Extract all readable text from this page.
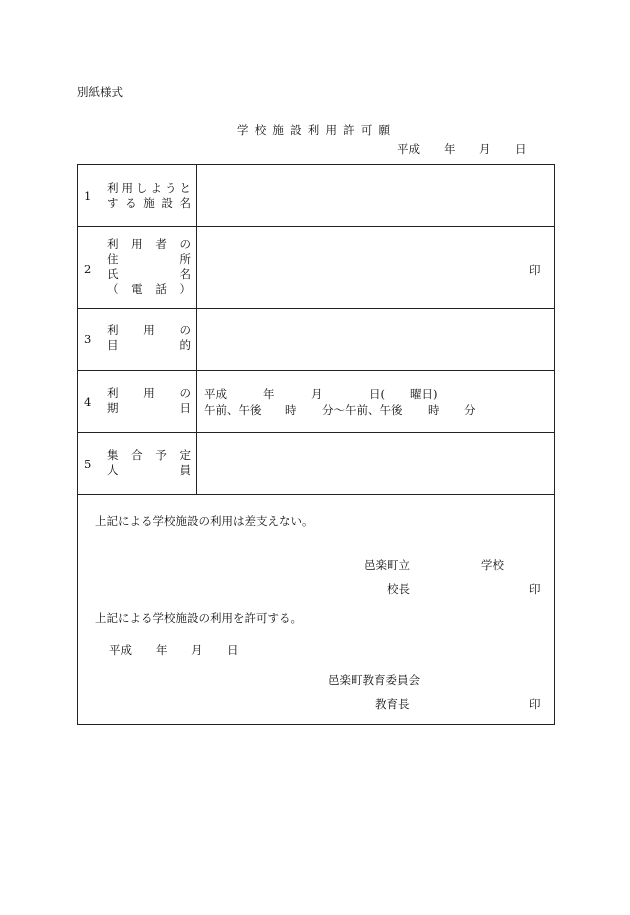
別紙様式
学 校 施 設 利 用 許 可 願
平成 年 月 日
1
利 用 し よ う と
す る 施 設 名
2
利 用 者 の
住	所
氏	名
（ 電 話 ）
印
3
利 用 の
目	的
4
利 用 の
期	日
平成	年	月	日( 曜日)
午前、午後 時 分～午前、午後 時 分
5
集 合 予 定
人	員
上記による学校施設の利用は差支えない。
邑楽町立	学校
校長	印
上記による学校施設の利用を許可する。
平成 年 月 日
邑楽町教育委員会
教育長	印
